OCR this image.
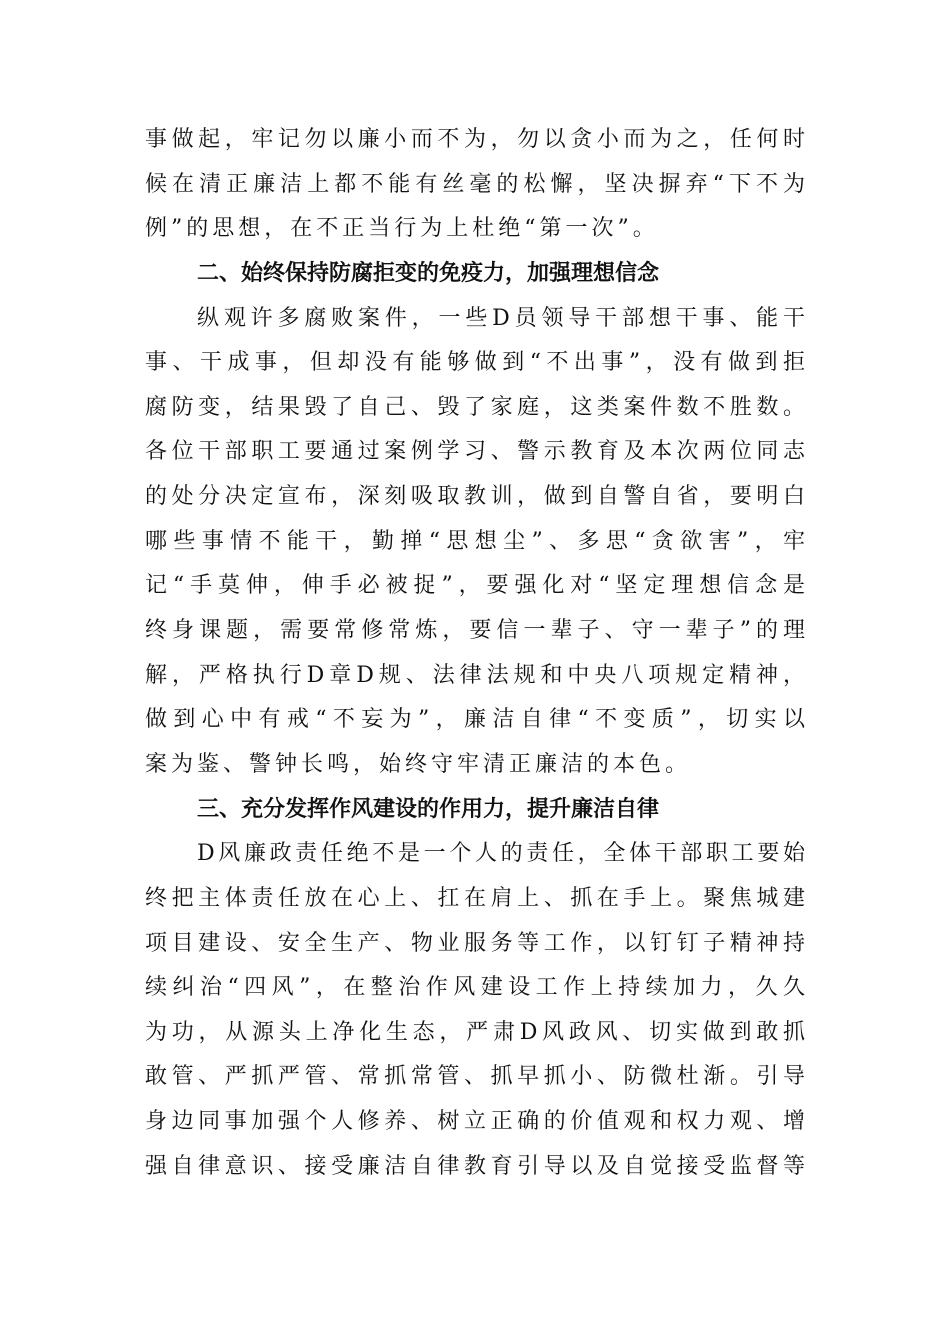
事做起，牢记勿以廉小而不为，勿以贪小而为之，任何时
候在清正廉洁上都不能有丝毫的松懈，坚决摒弃“下不为
例”的思想，在不正当行为上杜绝“第一次”。
二、始终保持防腐拒变的免疫力，加强理想信念
纵观许多腐败案件，一些D员领导干部想干事、能干
事、干成事，但却没有能够做到“不出事”，没有做到拒
腐防变，结果毁了自己、毁了家庭，这类案件数不胜数。
各位干部职工要通过案例学习、警示教育及本次两位同志
的处分决定宣布，深刻吸取教训，做到自警自省，要明白
哪些事情不能干，勤掸“思想尘”、多思“贪欲害”，牢
记“手莫伸，伸手必被捉”，要强化对“坚定理想信念是
终身课题，需要常修常炼，要信一辈子、守一辈子”的理
解，严格执行D章D规、法律法规和中央八项规定精神，
做到心中有戒“不妄为”，廉洁自律“不变质”，切实以
案为鉴、警钟长鸣，始终守牢清正廉洁的本色。
三、充分发挥作风建设的作用力，提升廉洁自律
D风廉政责任绝不是一个人的责任，全体干部职工要始
终把主体责任放在心上、扛在肩上、抓在手上。聚焦城建
项目建设、安全生产、物业服务等工作，以钉钉子精神持
续纠治“四风”，在整治作风建设工作上持续加力，久久
为功，从源头上净化生态，严肃D风政风、切实做到敢抓
敢管、严抓严管、常抓常管、抓早抓小、防微杜渐。引导
身边同事加强个人修养、树立正确的价值观和权力观、增
强自律意识、接受廉洁自律教育引导以及自觉接受监督等
